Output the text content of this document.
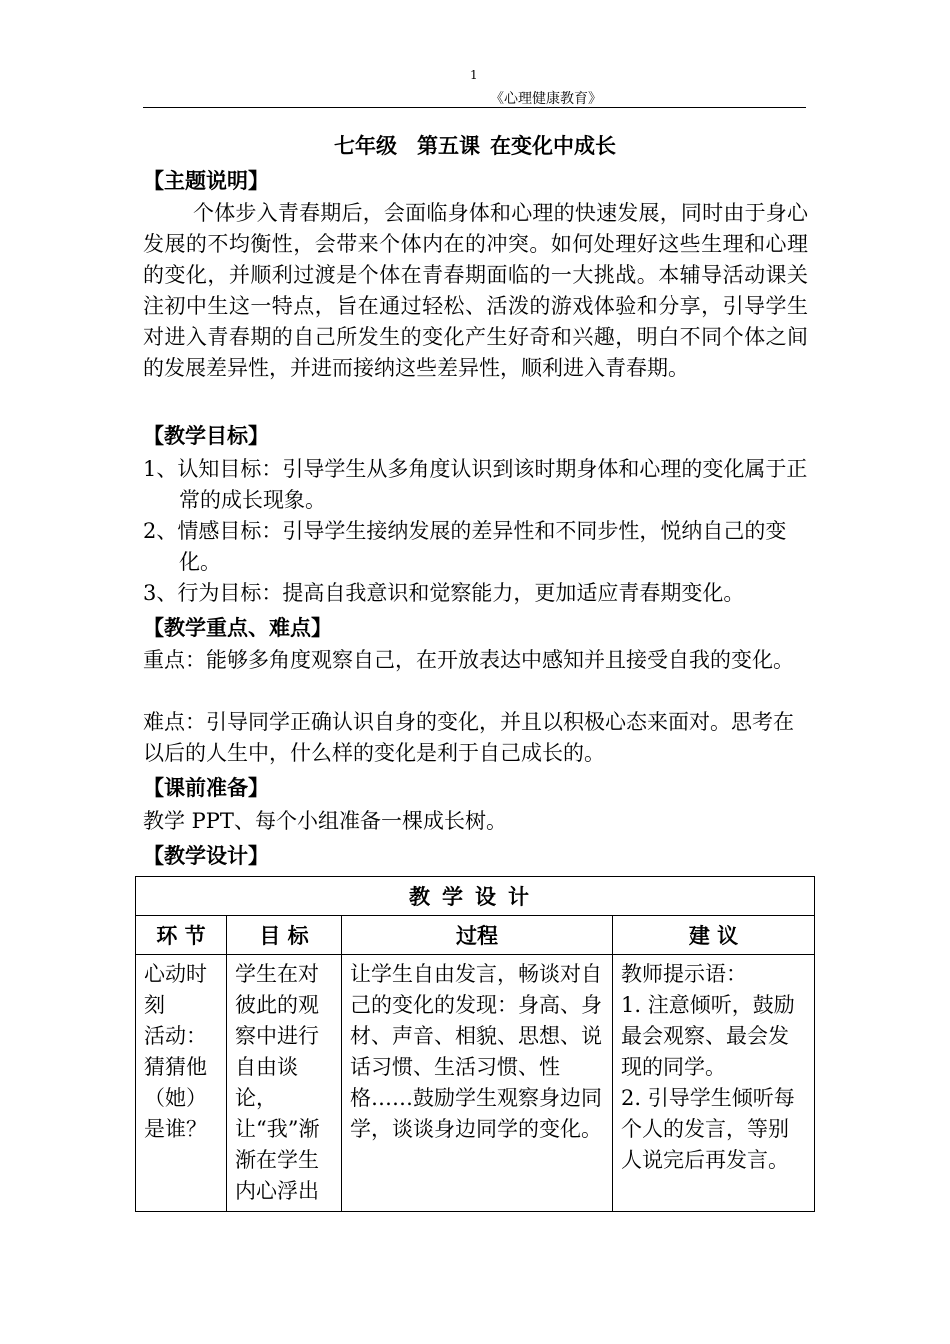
1
《心理健康教育》
七年级 第五课 在变化中成长
【主题说明】
个体步入青春期后，会面临身体和心理的快速发展，同时由于身心发展的不均衡性，会带来个体内在的冲突。如何处理好这些生理和心理的变化，并顺利过渡是个体在青春期面临的一大挑战。本辅导活动课关注初中生这一特点，旨在通过轻松、活泼的游戏体验和分享，引导学生对进入青春期的自己所发生的变化产生好奇和兴趣，明白不同个体之间的发展差异性，并进而接纳这些差异性，顺利进入青春期。
【教学目标】
1、认知目标：引导学生从多角度认识到该时期身体和心理的变化属于正常的成长现象。
2、情感目标：引导学生接纳发展的差异性和不同步性，悦纳自己的变化。
3、行为目标：提高自我意识和觉察能力，更加适应青春期变化。
【教学重点、难点】
重点：能够多角度观察自己，在开放表达中感知并且接受自我的变化。
难点：引导同学正确认识自身的变化，并且以积极心态来面对。思考在以后的人生中，什么样的变化是利于自己成长的。
【课前准备】
教学 PPT、每个小组准备一棵成长树。
【教学设计】
教学设计			
环 节	目 标	过程	建 议
心动时刻
活动：猜猜他（她）是谁？	学生在对彼此的观察中进行自由谈论，让“我”渐渐在学生内心浮出	让学生自由发言，畅谈对自己的变化的发现：身高、身材、声音、相貌、思想、说话习惯、生活习惯、性格……鼓励学生观察身边同学，谈谈身边同学的变化。	教师提示语：
1. 注意倾听，鼓励最会观察、最会发现的同学。
2. 引导学生倾听每个人的发言，等别人说完后再发言。
